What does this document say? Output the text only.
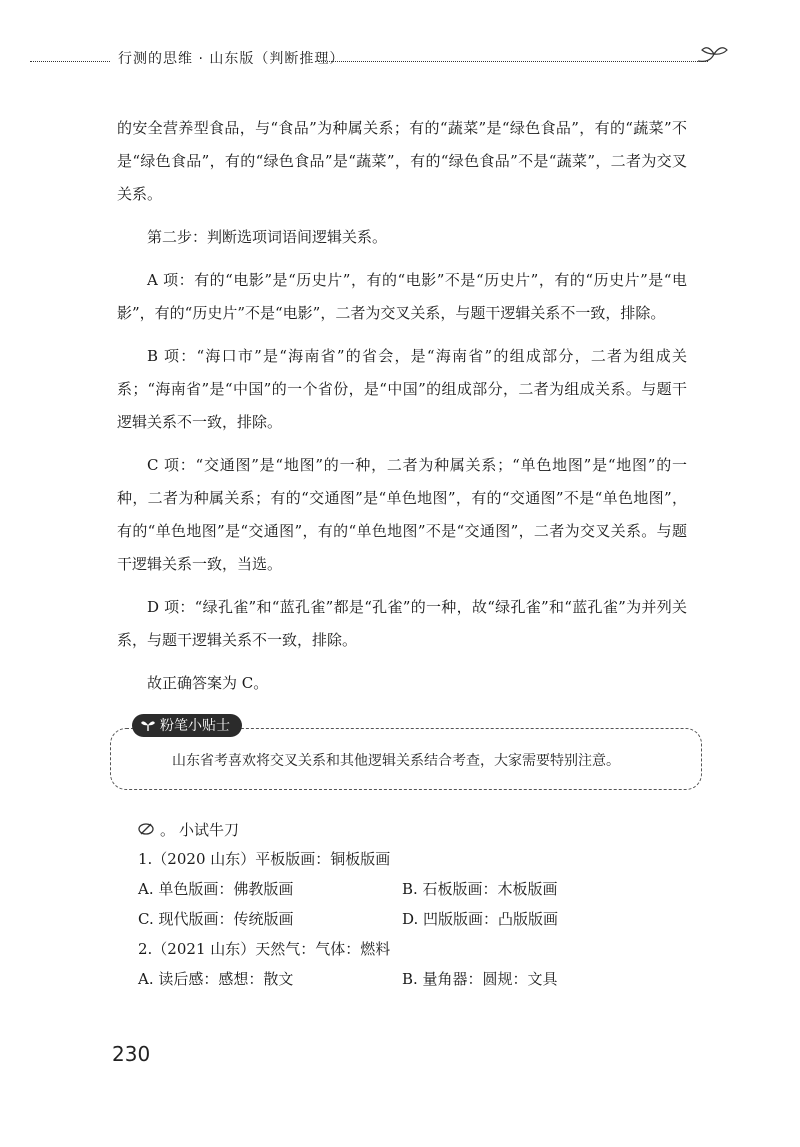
行测的思维 · 山东版（判断推理）

的安全营养型食品，与“食品”为种属关系；有的“蔬菜”是“绿色食品”，有的“蔬菜”不是“绿色食品”，有的“绿色食品”是“蔬菜”，有的“绿色食品”不是“蔬菜”，二者为交叉关系。

第二步：判断选项词语间逻辑关系。

A 项：有的“电影”是“历史片”，有的“电影”不是“历史片”，有的“历史片”是“电影”，有的“历史片”不是“电影”，二者为交叉关系，与题干逻辑关系不一致，排除。

B 项：“海口市”是“海南省”的省会，是“海南省”的组成部分，二者为组成关系；“海南省”是“中国”的一个省份，是“中国”的组成部分，二者为组成关系。与题干逻辑关系不一致，排除。

C 项：“交通图”是“地图”的一种，二者为种属关系；“单色地图”是“地图”的一种，二者为种属关系；有的“交通图”是“单色地图”，有的“交通图”不是“单色地图”，有的“单色地图”是“交通图”，有的“单色地图”不是“交通图”，二者为交叉关系。与题干逻辑关系一致，当选。

D 项：“绿孔雀”和“蓝孔雀”都是“孔雀”的一种，故“绿孔雀”和“蓝孔雀”为并列关系，与题干逻辑关系不一致，排除。

故正确答案为 C。

粉笔小贴士
山东省考喜欢将交叉关系和其他逻辑关系结合考查，大家需要特别注意。
。 小试牛刀
1.（2020 山东）平板版画：铜板版画
A. 单色版画：佛教版画	B. 石板版画：木板版画
C. 现代版画：传统版画	D. 凹版版画：凸版版画
2.（2021 山东）天然气：气体：燃料
A. 读后感：感想：散文	B. 量角器：圆规：文具
230
